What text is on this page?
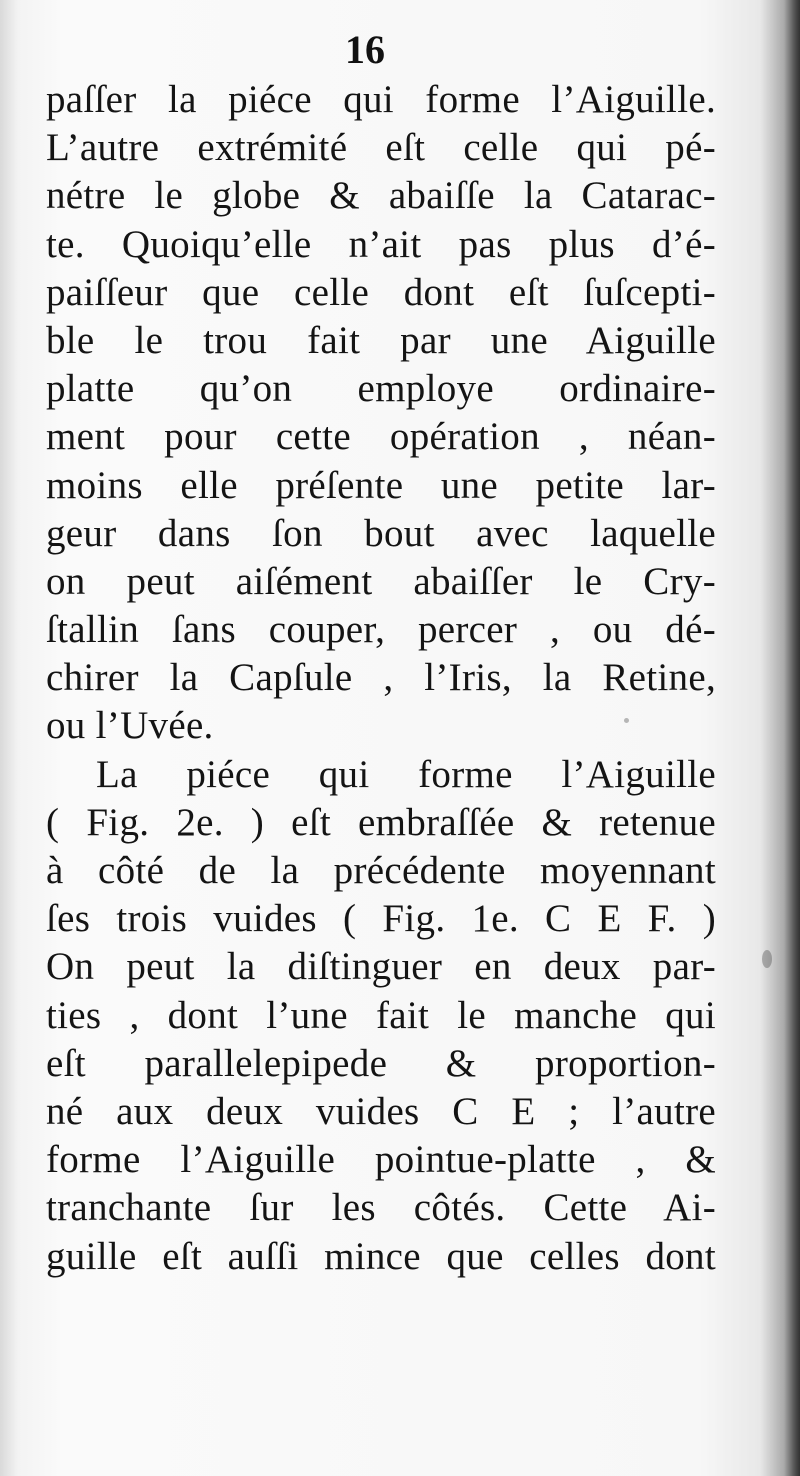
16
paſſer la piéce qui forme l’Aiguille.
L’autre extrémité eſt celle qui pé-
nétre le globe & abaiſſe la Catarac-
te. Quoiqu’elle n’ait pas plus d’é-
paiſſeur que celle dont eſt ſuſcepti-
ble le trou fait par une Aiguille
platte qu’on employe ordinaire-
ment pour cette opération , néan-
moins elle préſente une petite lar-
geur dans ſon bout avec laquelle
on peut aiſément abaiſſer le Cry-
ſtallin ſans couper, percer , ou dé-
chirer la Capſule , l’Iris, la Retine,
ou l’Uvée.
La piéce qui forme l’Aiguille
( Fig. 2e. ) eſt embraſſée & retenue
à côté de la précédente moyennant
ſes trois vuides ( Fig. 1e. C E F. )
On peut la diſtinguer en deux par-
ties , dont l’une fait le manche qui
eſt parallelepipede & proportion-
né aux deux vuides C E ; l’autre
forme l’Aiguille pointue-platte , &
tranchante ſur les côtés. Cette Ai-
guille eſt auſſi mince que celles dont
